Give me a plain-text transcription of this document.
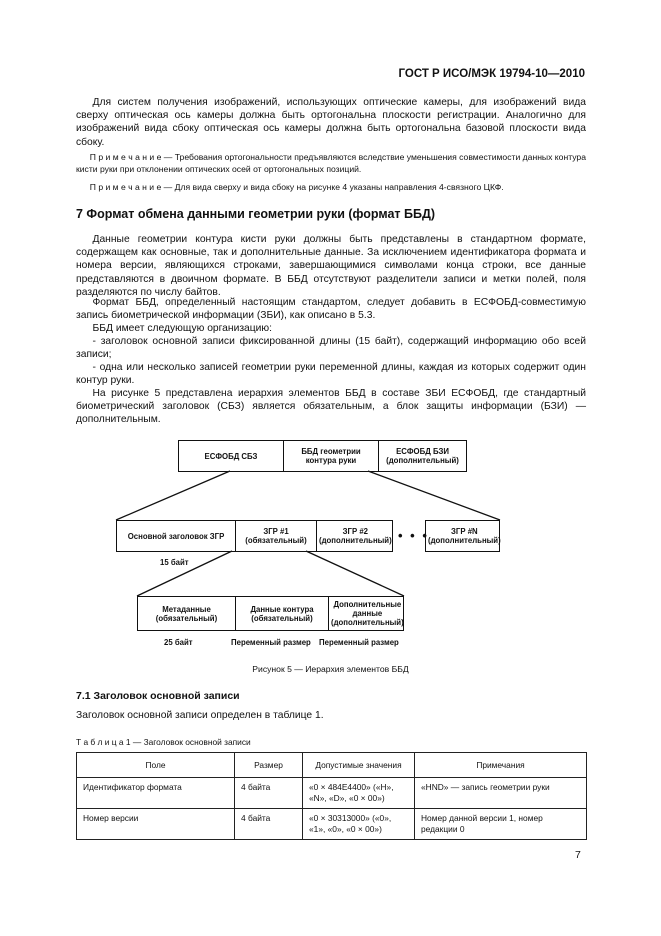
ГОСТ Р ИСО/МЭК 19794-10—2010

Для систем получения изображений, использующих оптические камеры, для изображений вида сверху оптическая ось камеры должна быть ортогональна плоскости регистрации. Аналогично для изображений вида сбоку оптическая ось камеры должна быть ортогональна базовой плоскости вида сбоку.

П р и м е ч а н и е — Требования ортогональности предъявляются вследствие уменьшения совместимости данных контура кисти руки при отклонении оптических осей от ортогональных позиций.

П р и м е ч а н и е — Для вида сверху и вида сбоку на рисунке 4 указаны направления 4-связного ЦКФ.

7 Формат обмена данными геометрии руки (формат ББД)

Данные геометрии контура кисти руки должны быть представлены в стандартном формате, содержащем как основные, так и дополнительные данные. За исключением идентификатора формата и номера версии, являющихся строками, завершающимися символами конца строки, все данные представляются в двоичном формате. В ББД отсутствуют разделители записи и метки полей, поля разделяются по числу байтов.

Формат ББД, определенный настоящим стандартом, следует добавить в ЕСФОБД-совместимую запись биометрической информации (ЗБИ), как описано в 5.3.

ББД имеет следующую организацию:

- заголовок основной записи фиксированной длины (15 байт), содержащий информацию обо всей записи;

- одна или несколько записей геометрии руки переменной длины, каждая из которых содержит один контур руки.

На рисунке 5 представлена иерархия элементов ББД в составе ЗБИ ЕСФОБД, где стандартный биометрический заголовок (СБЗ) является обязательным, а блок защиты информации (БЗИ) — дополнительным.

ЕСФОБД СБЗ	ББД геометрии контура руки
ЕСФОБД БЗИ (дополнительный)
Основной заголовок ЗГР	ЗГР #1 (обязательный)
ЗГР #2 (дополнительный) • • •	ЗГР #N (дополнительный)
15 байт
Метаданные (обязательный)
Данные контура (обязательный)
Дополнительные данные (дополнительный)
25 байт	Переменный размер Переменный размер
Рисунок 5 — Иерархия элементов ББД
7.1 Заголовок основной записи

Заголовок основной записи определен в таблице 1.

Т а б л и ц а 1 — Заголовок основной записи
Поле	Размер	Допустимые значения	Примечания
Идентификатор формата	4 байта	«0 × 484E4400» («H», «N», «D», «0 × 00»)	«HND» — запись геометрии руки
Номер версии	4 байта	«0 × 30313000» («0», «1», «0», «0 × 00»)	Номер данной версии 1, номер редакции 0
7
